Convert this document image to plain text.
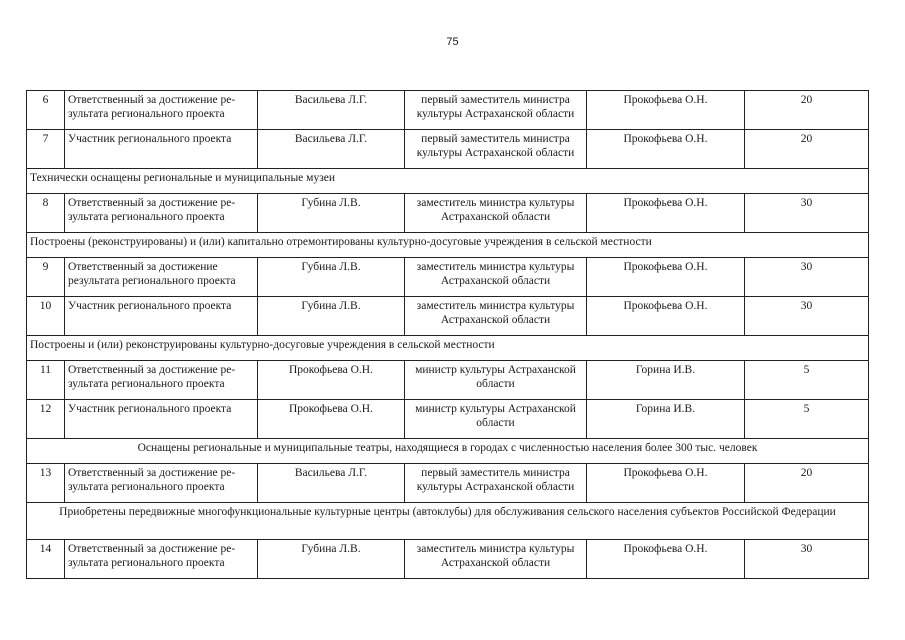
75
6	Ответственный за достижение ре-зультата регионального проекта	Васильева Л.Г.	первый заместитель министра культуры Астраханской области	Прокофьева О.Н.	20
7	Участник регионального проекта	Васильева Л.Г.	первый заместитель министра культуры Астраханской области	Прокофьева О.Н.	20
Технически оснащены региональные и муниципальные музеи					
8	Ответственный за достижение ре-зультата регионального проекта	Губина Л.В.	заместитель министра культуры Астраханской области	Прокофьева О.Н.	30
Построены (реконструированы) и (или) капитально отремонтированы культурно-досуговые учреждения в сельской местности					
9	Ответственный за достижение результата регионального проекта	Губина Л.В.	заместитель министра культуры Астраханской области	Прокофьева О.Н.	30
10	Участник регионального проекта	Губина Л.В.	заместитель министра культуры Астраханской области	Прокофьева О.Н.	30
Построены и (или) реконструированы культурно-досуговые учреждения в сельской местности					
11	Ответственный за достижение ре-зультата регионального проекта	Прокофьева О.Н.	министр культуры Астраханской области	Горина И.В.	5
12	Участник регионального проекта	Прокофьева О.Н.	министр культуры Астраханской области	Горина И.В.	5
Оснащены региональные и муниципальные театры, находящиеся в городах с численностью населения более 300 тыс. человек					
13	Ответственный за достижение ре-зультата регионального проекта	Васильева Л.Г.	первый заместитель министра культуры Астраханской области	Прокофьева О.Н.	20
Приобретены передвижные многофункциональные культурные центры (автоклубы) для обслуживания сельского населения субъектов Российской Федерации					
14	Ответственный за достижение ре-зультата регионального проекта	Губина Л.В.	заместитель министра культуры Астраханской области	Прокофьева О.Н.	30
